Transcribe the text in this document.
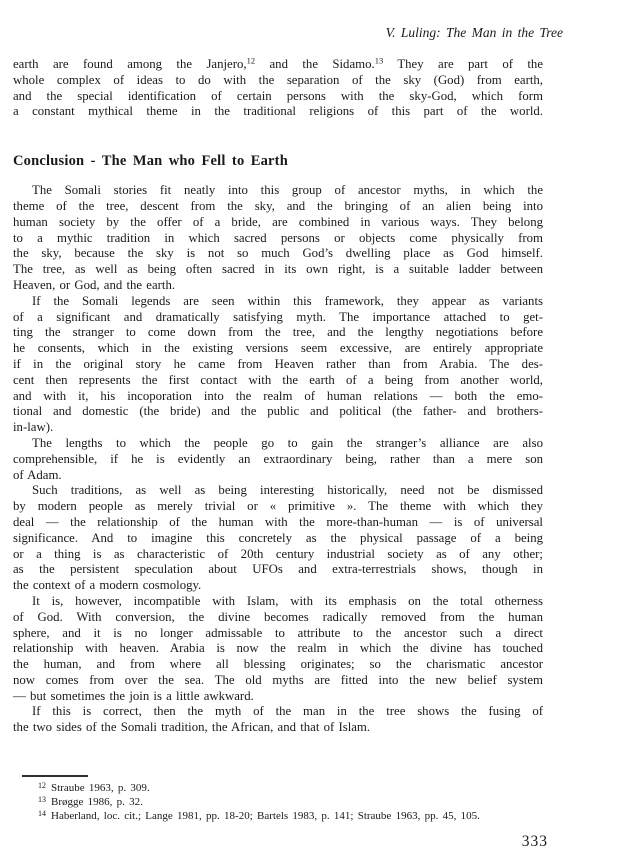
V. Luling: The Man in the Tree
earth are found among the Janjero,$^{12}$ and the Sidamo.$^{13}$ They are part of the
whole complex of ideas to do with the separation of the sky (God) from earth,
and the special identification of certain persons with the sky-God, which form
a constant mythical theme in the traditional religions of this part of the world.
Conclusion - The Man who Fell to Earth
The Somali stories fit neatly into this group of ancestor myths, in which the
theme of the tree, descent from the sky, and the bringing of an alien being into
human society by the offer of a bride, are combined in various ways. They belong
to a mythic tradition in which sacred persons or objects come physically from
the sky, because the sky is not so much God’s dwelling place as God himself.
The tree, as well as being often sacred in its own right, is a suitable ladder between
Heaven, or God, and the earth.
If the Somali legends are seen within this framework, they appear as variants
of a significant and dramatically satisfying myth. The importance attached to get-
ting the stranger to come down from the tree, and the lengthy negotiations before
he consents, which in the existing versions seem excessive, are entirely appropriate
if in the original story he came from Heaven rather than from Arabia. The des-
cent then represents the first contact with the earth of a being from another world,
and with it, his incoporation into the realm of human relations — both the emo-
tional and domestic (the bride) and the public and political (the father- and brothers-
in-law).
The lengths to which the people go to gain the stranger’s alliance are also
comprehensible, if he is evidently an extraordinary being, rather than a mere son
of Adam.
Such traditions, as well as being interesting historically, need not be dismissed
by modern people as merely trivial or « primitive ». The theme with which they
deal — the relationship of the human with the more-than-human — is of universal
significance. And to imagine this concretely as the physical passage of a being
or a thing is as characteristic of 20th century industrial society as of any other;
as the persistent speculation about UFOs and extra-terrestrials shows, though in
the context of a modern cosmology.
It is, however, incompatible with Islam, with its emphasis on the total otherness
of God. With conversion, the divine becomes radically removed from the human
sphere, and it is no longer admissable to attribute to the ancestor such a direct
relationship with heaven. Arabia is now the realm in which the divine has touched
the human, and from where all blessing originates; so the charismatic ancestor
now comes from over the sea. The old myths are fitted into the new belief system
— but sometimes the join is a little awkward.
If this is correct, then the myth of the man in the tree shows the fusing of
the two sides of the Somali tradition, the African, and that of Islam.
$^{12}$ Straube 1963, p. 309.
$^{13}$ Brøgge 1986, p. 32.
$^{14}$ Haberland, loc. cit.; Lange 1981, pp. 18-20; Bartels 1983, p. 141; Straube 1963, pp. 45, 105.
333
